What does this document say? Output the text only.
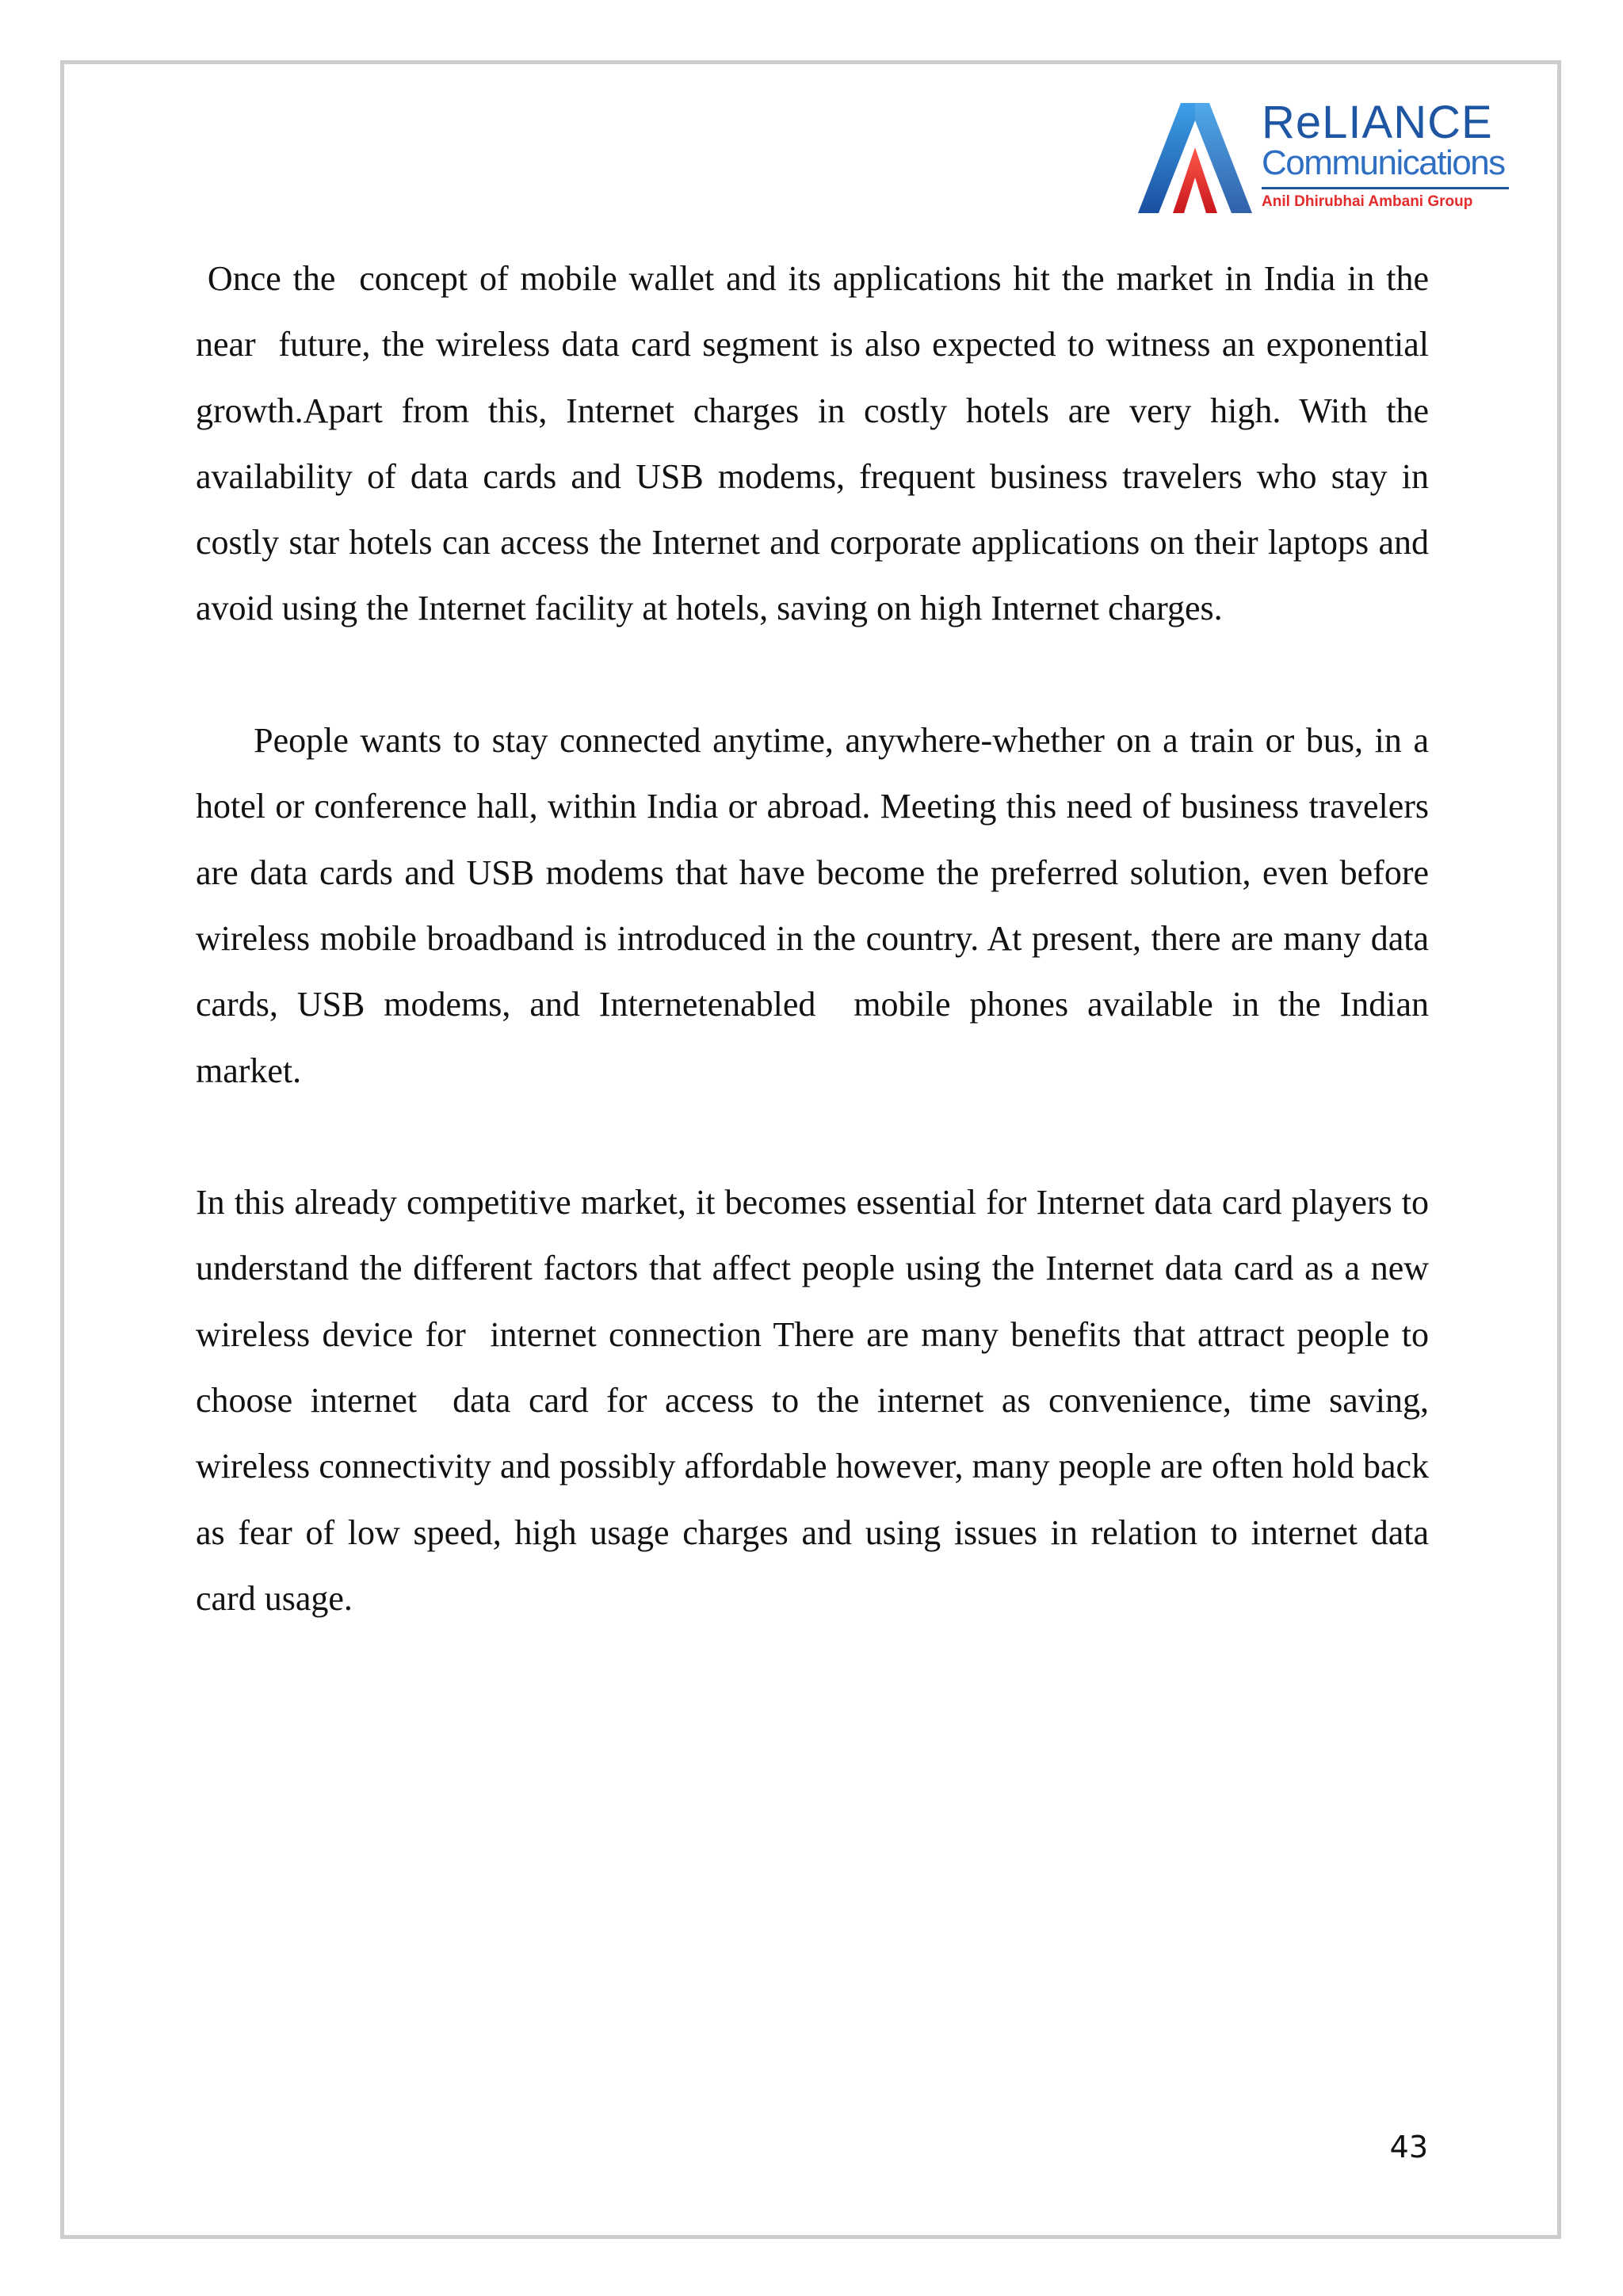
ReLIANCE
Communications
Anil Dhirubhai Ambani Group

Once the  concept of mobile wallet and its applications hit the market in India in the near  future, the wireless data card segment is also expected to witness an exponential growth.Apart from this, Internet charges in costly hotels are very high. With the  availability of data cards and USB modems, frequent business travelers who stay in costly star hotels can access the Internet and corporate applications on their laptops and avoid using the Internet facility at hotels, saving on high Internet charges.

People wants to stay connected anytime, anywhere-whether on a train or bus, in a hotel or conference hall, within India or abroad. Meeting this need of business travelers are data cards and USB modems that have become the preferred solution, even before wireless mobile broadband is introduced in the country. At present, there are many data cards, USB modems, and Internetenabled  mobile phones available in the Indian market.

In this already competitive market, it becomes essential for Internet data card players to understand the different factors that affect people using the Internet data card as a new wireless device for  internet connection There are many benefits that attract people to choose internet  data card for access to the internet as convenience, time saving, wireless connectivity and possibly affordable however, many people are often hold back  as fear of low speed, high usage charges and using issues in relation to internet data card usage.

43
